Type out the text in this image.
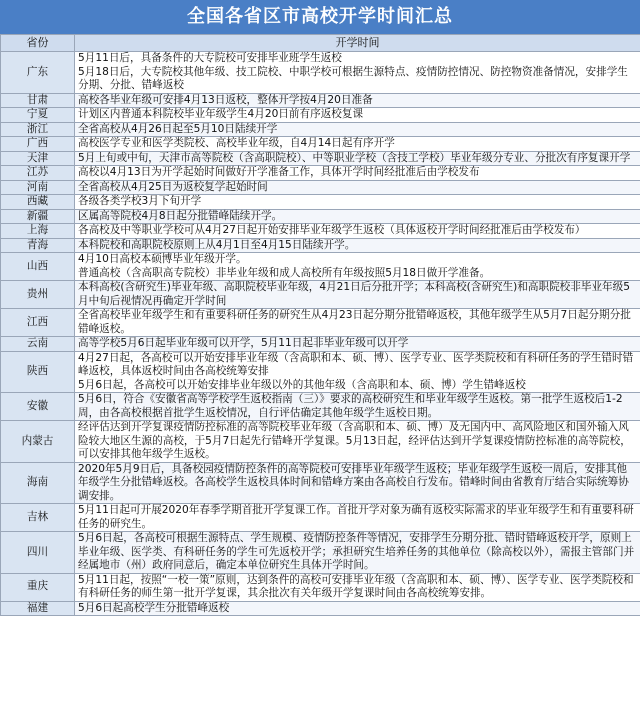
全国各省区市高校开学时间汇总
省份	开学时间
广东	5月11日后，具备条件的大专院校可安排毕业班学生返校
5月18日后，大专院校其他年级、技工院校、中职学校可根据生源特点、疫情防控情况、防控物资准备情况，安排学生分期、分批、错峰返校

甘肃	高校各毕业年级可安排4月13日返校，整体开学按4月20日准备

宁夏	计划区内普通本科院校毕业年级学生4月20日前有序返校复课

浙江	全省高校从4月26日起至5月10日陆续开学

广西	高校医学专业和医学类院校、高校毕业年级，自4月14日起有序开学

天津	5月上旬或中旬，天津市高等院校（含高职院校）、中等职业学校（含技工学校）毕业年级分专业、分批次有序复课开学

江苏	高校以4月13日为开学起始时间做好开学准备工作，具体开学时间经批准后由学校发布

河南	全省高校从4月25日为返校复学起始时间

西藏	各级各类学校3月下旬开学

新疆	区属高等院校4月8日起分批错峰陆续开学。

上海	各高校及中等职业学校可从4月27日起开始安排毕业年级学生返校（具体返校开学时间经批准后由学校发布）

青海	本科院校和高职院校原则上从4月1日至4月15日陆续开学。

山西	4月10日高校本硕博毕业年级开学。
普通高校（含高职高专院校）非毕业年级和成人高校所有年级按照5月18日做开学准备。

贵州	本科高校(含研究生)毕业年级、高职院校毕业年级，4月21日后分批开学；本科高校(含研究生)和高职院校非毕业年级5月中旬后视情况再确定开学时间

江西	全省高校毕业年级学生和有重要科研任务的研究生从4月23日起分期分批错峰返校，其他年级学生从5月7日起分期分批错峰返校。

云南	高等学校5月6日起毕业年级可以开学，5月11日起非毕业年级可以开学

陕西	4月27日起，各高校可以开始安排毕业年级（含高职和本、硕、博）、医学专业、医学类院校和有科研任务的学生错时错峰返校，具体返校时间由各高校统筹安排
5月6日起，各高校可以开始安排毕业年级以外的其他年级（含高职和本、硕、博）学生错峰返校

安徽	5月6日，符合《安徽省高等学校学生返校指南（三）》要求的高校研究生和毕业年级学生返校。第一批学生返校后1-2周，由各高校根据首批学生返校情况，自行评估确定其他年级学生返校日期。

内蒙古	经评估达到开学复课疫情防控标准的高等院校毕业年级（含高职和本、硕、博）及无国内中、高风险地区和国外输入风险较大地区生源的高校，于5月7日起先行错峰开学复课。5月13日起，经评估达到开学复课疫情防控标准的高等院校，可以安排其他年级学生返校。

海南	2020年5月9日后，具备校园疫情防控条件的高等院校可安排毕业年级学生返校；毕业年级学生返校一周后，安排其他年级学生分批错峰返校。各高校学生返校具体时间和错峰方案由各高校自行发布。错峰时间由省教育厅结合实际统筹协调安排。

吉林	5月11日起可开展2020年春季学期首批开学复课工作。首批开学对象为确有返校实际需求的毕业年级学生和有重要科研任务的研究生。

四川	5月6日起，各高校可根据生源特点、学生规模、疫情防控条件等情况，安排学生分期分批、错时错峰返校开学，原则上毕业年级、医学类、有科研任务的学生可先返校开学；承担研究生培养任务的其他单位（除高校以外），需报主管部门并经属地市（州）政府同意后，确定本单位研究生具体开学时间。

重庆	5月11日起，按照“一校一策”原则，达到条件的高校可安排毕业年级（含高职和本、硕、博）、医学专业、医学类院校和有科研任务的师生第一批开学复课，其余批次有关年级开学复课时间由各高校统筹安排。

福建	5月6日起高校学生分批错峰返校
